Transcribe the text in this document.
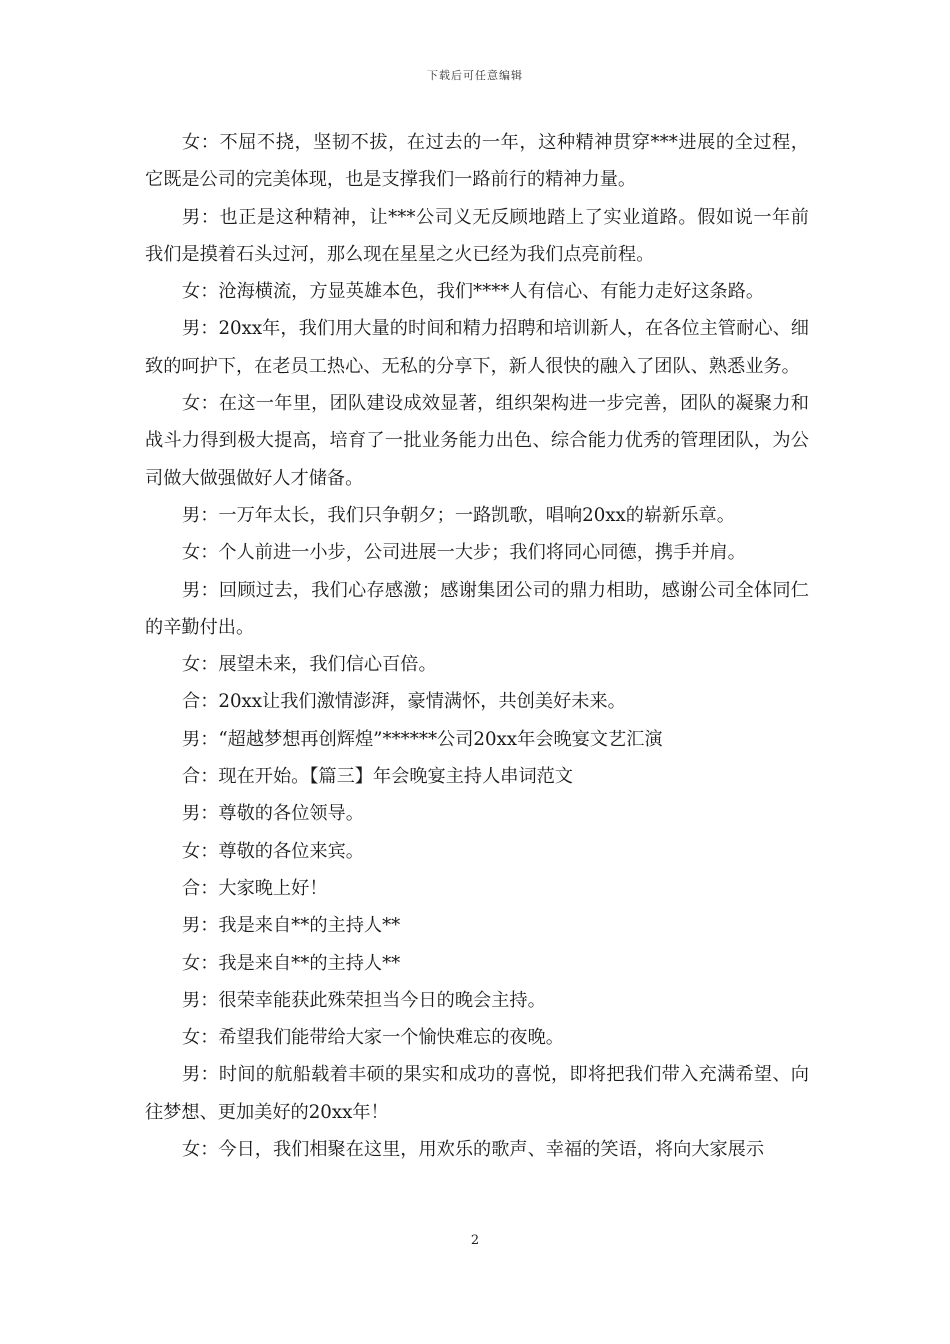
下载后可任意编辑

女：不屈不挠，坚韧不拔，在过去的一年，这种精神贯穿***进展的全过程，它既是公司的完美体现，也是支撑我们一路前行的精神力量。

男：也正是这种精神，让***公司义无反顾地踏上了实业道路。假如说一年前我们是摸着石头过河，那么现在星星之火已经为我们点亮前程。

女：沧海横流，方显英雄本色，我们****人有信心、有能力走好这条路。

男：20xx年，我们用大量的时间和精力招聘和培训新人，在各位主管耐心、细致的呵护下，在老员工热心、无私的分享下，新人很快的融入了团队、熟悉业务。

女：在这一年里，团队建设成效显著，组织架构进一步完善，团队的凝聚力和战斗力得到极大提高，培育了一批业务能力出色、综合能力优秀的管理团队，为公司做大做强做好人才储备。

男：一万年太长，我们只争朝夕；一路凯歌，唱响20xx的崭新乐章。

女：个人前进一小步，公司进展一大步；我们将同心同德，携手并肩。

男：回顾过去，我们心存感激；感谢集团公司的鼎力相助，感谢公司全体同仁的辛勤付出。

女：展望未来，我们信心百倍。

合：20xx让我们激情澎湃，豪情满怀，共创美好未来。

男：“超越梦想再创辉煌”******公司20xx年会晚宴文艺汇演

合：现在开始。【篇三】年会晚宴主持人串词范文

男：尊敬的各位领导。

女：尊敬的各位来宾。

合：大家晚上好！

男：我是来自**的主持人**

女：我是来自**的主持人**

男：很荣幸能获此殊荣担当今日的晚会主持。

女：希望我们能带给大家一个愉快难忘的夜晚。

男：时间的航船载着丰硕的果实和成功的喜悦，即将把我们带入充满希望、向往梦想、更加美好的20xx年！

女：今日，我们相聚在这里，用欢乐的歌声、幸福的笑语，将向大家展示

2
